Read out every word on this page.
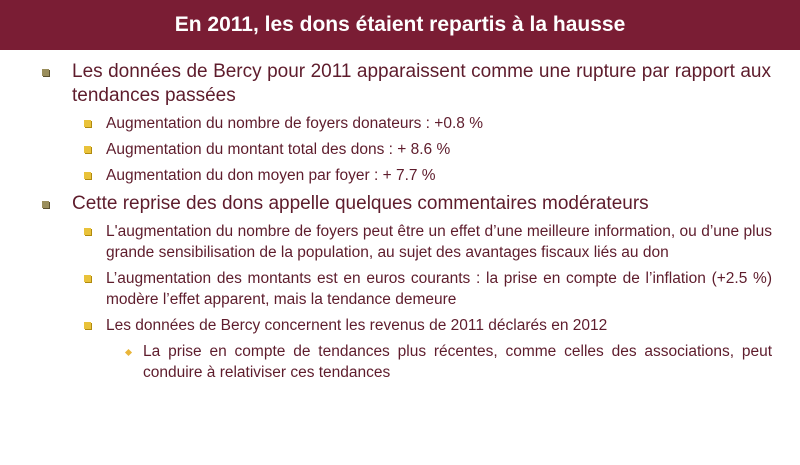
En 2011, les dons étaient repartis à la hausse
Les données de Bercy pour 2011 apparaissent comme une rupture par rapport aux tendances passées
Augmentation du nombre de foyers donateurs : +0.8 %
Augmentation du montant total des dons : + 8.6 %
Augmentation du don moyen par foyer : + 7.7 %
Cette reprise des dons appelle quelques commentaires modérateurs
L'augmentation du nombre de foyers peut être un effet d’une meilleure information, ou d’une plus grande sensibilisation de la population, au sujet des avantages fiscaux liés au don
L’augmentation des montants est en euros courants : la prise en compte de l’inflation (+2.5 %) modère l’effet apparent, mais la tendance demeure
Les données de Bercy concernent les revenus de 2011 déclarés en 2012
La prise en compte de tendances plus récentes, comme celles des associations, peut conduire à relativiser ces tendances
